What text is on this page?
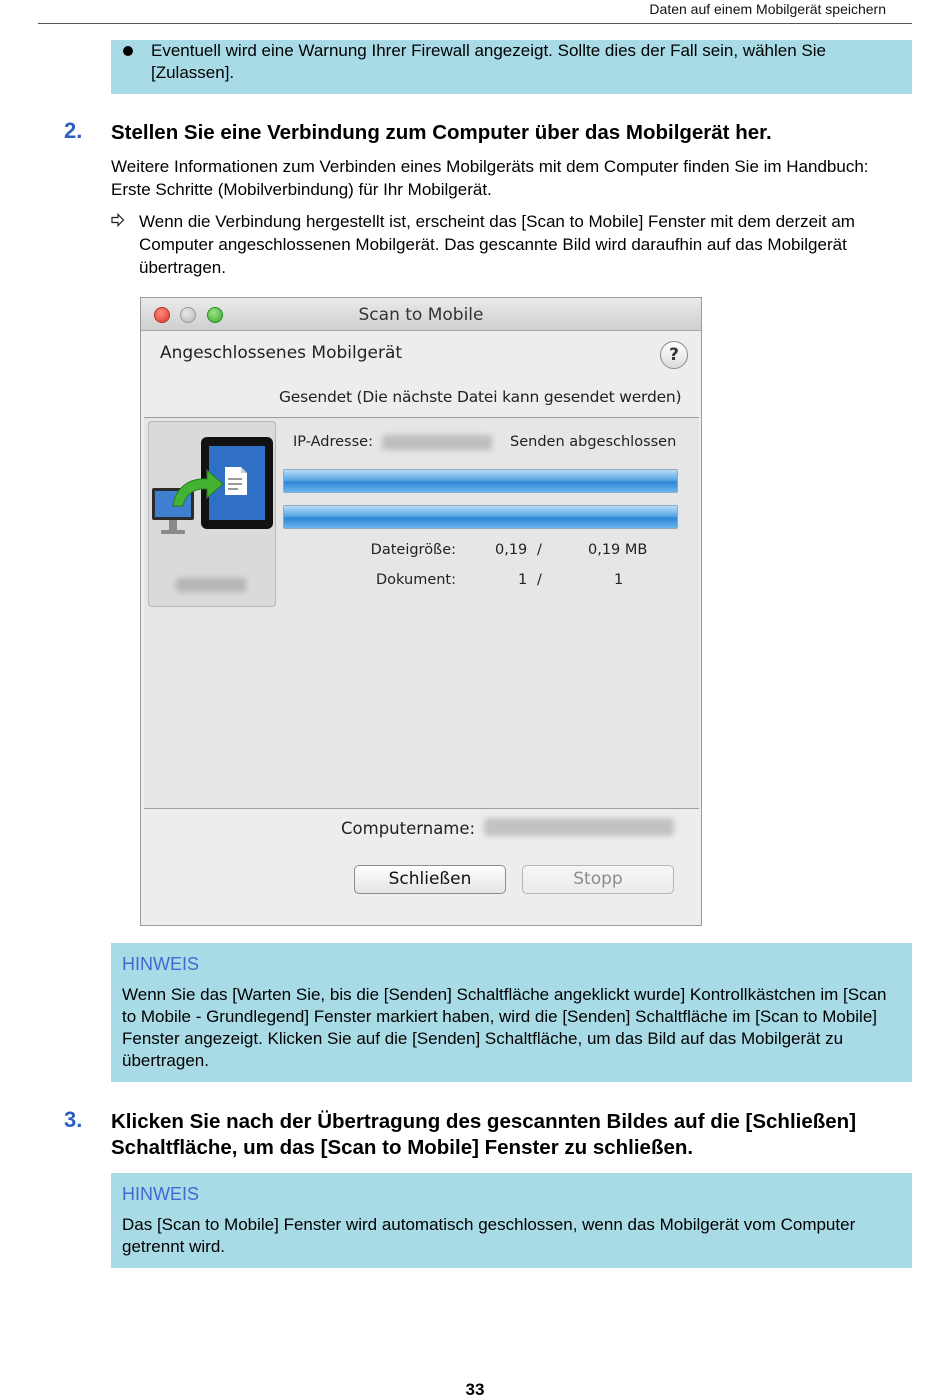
Daten auf einem Mobilgerät speichern
Eventuell wird eine Warnung Ihrer Firewall angezeigt. Sollte dies der Fall sein, wählen Sie [Zulassen].
2. Stellen Sie eine Verbindung zum Computer über das Mobilgerät her.
Weitere Informationen zum Verbinden eines Mobilgeräts mit dem Computer finden Sie im Handbuch: Erste Schritte (Mobilverbindung) für Ihr Mobilgerät.
Wenn die Verbindung hergestellt ist, erscheint das [Scan to Mobile] Fenster mit dem derzeit am Computer angeschlossenen Mobilgerät. Das gescannte Bild wird daraufhin auf das Mobilgerät übertragen.
Scan to Mobile
Angeschlossenes Mobilgerät	?
Gesendet (Die nächste Datei kann gesendet werden)
IP-Adresse:	Senden abgeschlossen
Dateigröße:	0,19 /	0,19 MB
Dokument:	1 /	1
Computername:
Schließen	Stopp
HINWEIS
Wenn Sie das [Warten Sie, bis die [Senden] Schaltfläche angeklickt wurde] Kontrollkästchen im [Scan to Mobile - Grundlegend] Fenster markiert haben, wird die [Senden] Schaltfläche im [Scan to Mobile] Fenster angezeigt. Klicken Sie auf die [Senden] Schaltfläche, um das Bild auf das Mobilgerät zu übertragen.
3. Klicken Sie nach der Übertragung des gescannten Bildes auf die [Schließen] Schaltfläche, um das [Scan to Mobile] Fenster zu schließen.
HINWEIS
Das [Scan to Mobile] Fenster wird automatisch geschlossen, wenn das Mobilgerät vom Computer getrennt wird.
33
